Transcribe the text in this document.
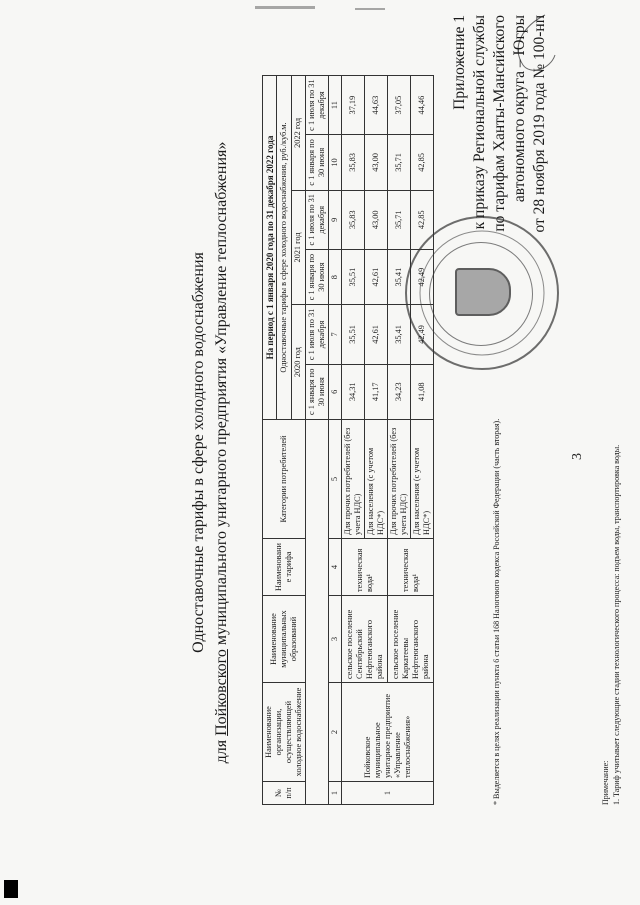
3
Приложение 1 к приказу Региональной службы по тарифам Ханты-Мансийского автономного округа – Югры от 28 ноября 2019 года № 100-нп
Одноставочные тарифы в сфере холодного водоснабжения
для Пойковского муниципального унитарного предприятия «Управление теплоснабжения»
№ п/п	Наименование организации, осуществляющей холодное водоснабжение	Наименование муниципальных образований	Наименовани е тарифа	Категории потребителей	На период с 1 января 2020 года по 31 декабря 2022 года					
					Одноставочные тарифы в сфере холодного водоснабжения, руб./куб.м.					
					2020 год		2021 год		2022 год	
					с 1 января по 30 июня	с 1 июля по 31 декабря	с 1 января по 30 июня	с 1 июля по 31 декабря	с 1 января по 30 июня	с 1 июля по 31 декабря
1	2	3	4	5	6	7	8	9	10	11
1	Пойковское муниципальное унитарное предприятие «Управление теплоснабжения»	сельское поселение Сентябрьский Нефтеюганского района	техническая вода¹	Для прочих потребителей (без учета НДС)	34,31	35,51	35,51	35,83	35,83	37,19
				Для населения (с учетом НДС*)	41,17	42,61	42,61	43,00	43,00	44,63
		сельское поселение Каркатеевы Нефтеюганского района	техническая вода¹	Для прочих потребителей (без учета НДС)	34,23	35,41	35,41	35,71	35,71	37,05
				Для населения (с учетом НДС*)	41,08	42,49	42,49	42,85	42,85	44,46
* Выделяется в целях реализации пункта 6 статьи 168 Налогового кодекса Российской Федерации (часть вторая).	Примечание: 1. Тариф учитывает следующие стадии технологического процесса: подъем воды, транспортировка воды.
